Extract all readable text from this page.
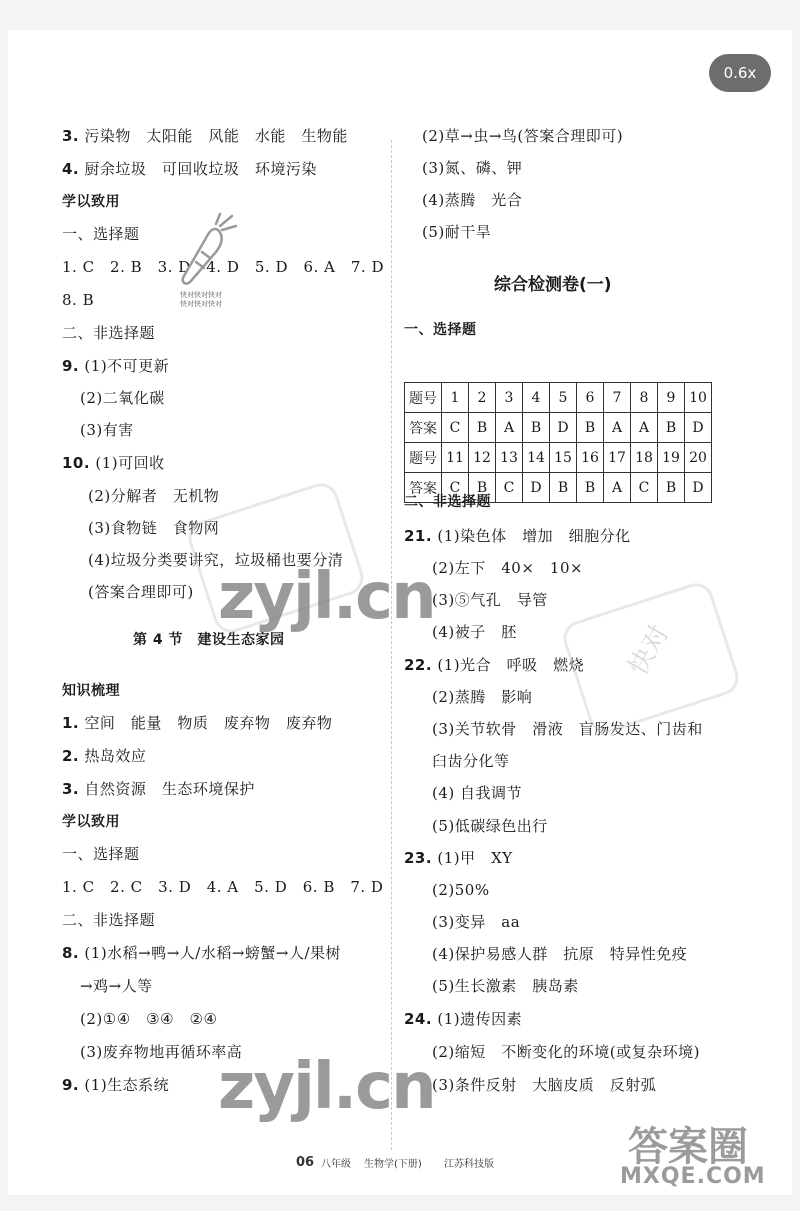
3. 污染物　太阳能　风能　水能　生物能
4. 厨余垃圾　可回收垃圾　环境污染
学以致用
一、选择题
1. C　2. B　3. D　4. D　5. D　6. A　7. D
8. B
二、非选择题
9. (1)不可更新
(2)二氧化碳
(3)有害
10. (1)可回收
(2)分解者　无机物
(3)食物链　食物网
(4)垃圾分类要讲究，垃圾桶也要分清
(答案合理即可)
第 4 节　建设生态家园
知识梳理
1. 空间　能量　物质　废弃物　废弃物
2. 热岛效应
3. 自然资源　生态环境保护
学以致用
一、选择题
1. C　2. C　3. D　4. A　5. D　6. B　7. D
二、非选择题
8. (1)水稻→鸭→人/水稻→螃蟹→人/果树
→鸡→人等
(2)①④　③④　②④
(3)废弃物地再循环率高
9. (1)生态系统
(2)草→虫→鸟(答案合理即可)
(3)氮、磷、钾
(4)蒸腾　光合
(5)耐干旱
综合检测卷(一)
一、选择题
题号	1	2	3	4	5	6	7	8	9	10
答案	C	B	A	B	D	B	A	A	B	D
题号	11	12	13	14	15	16	17	18	19	20
答案	C	B	C	D	B	B	A	C	B	D
二、非选择题
21. (1)染色体　增加　细胞分化
(2)左下　40×　10×
(3)⑤气孔　导管
(4)被子　胚
22. (1)光合　呼吸　燃烧
(2)蒸腾　影响
(3)关节软骨　滑液　盲肠发达、门齿和
臼齿分化等
(4) 自我调节
(5)低碳绿色出行
23. (1)甲　XY
(2)50%
(3)变异　aa
(4)保护易感人群　抗原　特异性免疫
(5)生长激素　胰岛素
24. (1)遗传因素
(2)缩短　不断变化的环境(或复杂环境)
(3)条件反射　大脑皮质　反射弧
快对
zyjl.cn
zyjl.cn
快对快对快对
快对快对快对
06 八年级 生物学(下册) 江苏科技版	答案圈
MXQE.COM
0.6x
